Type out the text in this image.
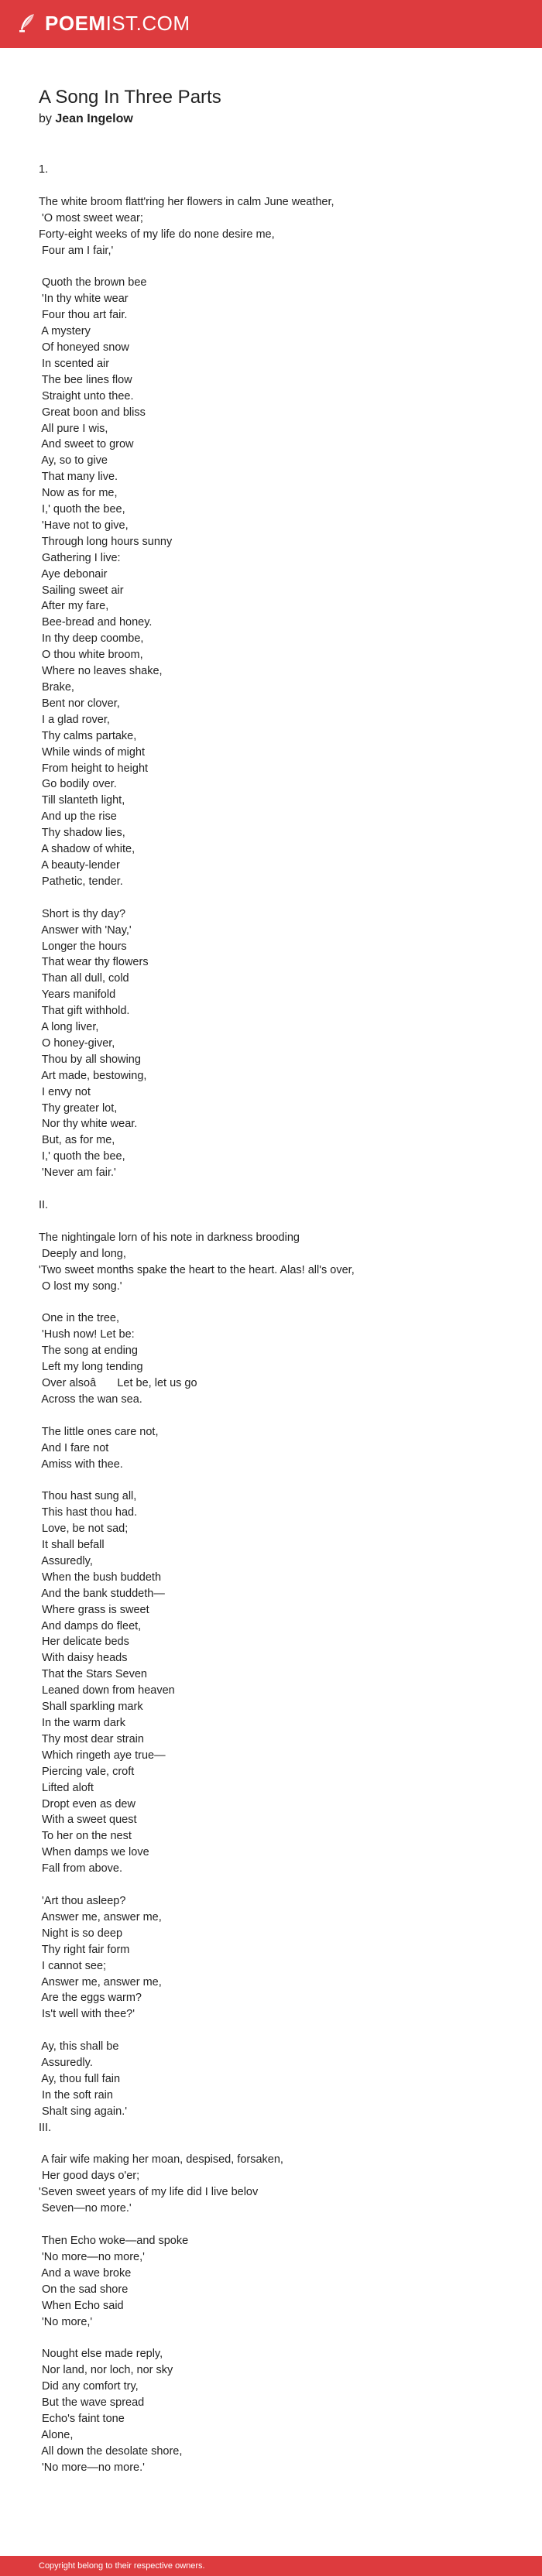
POEMIST.COM
A Song In Three Parts
by Jean Ingelow
1.

The white broom flatt'ring her flowers in calm June weather,
'O most sweet wear;
Forty-eight weeks of my life do none desire me,
Four am I fair,'

Quoth the brown bee
'In thy white wear
Four thou art fair.
A mystery
Of honeyed snow
In scented air
The bee lines flow
Straight unto thee.
Great boon and bliss
All pure I wis,
And sweet to grow
Ay, so to give
That many live.
Now as for me,
I,' quoth the bee,
'Have not to give,
Through long hours sunny
Gathering I live:
Aye debonair
Sailing sweet air
After my fare,
Bee-bread and honey.
In thy deep coombe,
O thou white broom,
Where no leaves shake,
Brake,
Bent nor clover,
I a glad rover,
Thy calms partake,
While winds of might
From height to height
Go bodily over.
Till slanteth light,
And up the rise
Thy shadow lies,
A shadow of white,
A beauty-lender
Pathetic, tender.

Short is thy day?
Answer with 'Nay,'
Longer the hours
That wear thy flowers
Than all dull, cold
Years manifold
That gift withhold.
A long liver,
O honey-giver,
Thou by all showing
Art made, bestowing,
I envy not
Thy greater lot,
Nor thy white wear.
But, as for me,
I,' quoth the bee,
'Never am fair.'

II.

The nightingale lorn of his note in darkness brooding
Deeply and long,
'Two sweet months spake the heart to the heart. Alas! all's over,
O lost my song.'

One in the tree,
'Hush now! Let be:
The song at ending
Left my long tending
Over alsoâ Let be, let us go
Across the wan sea.

The little ones care not,
And I fare not
Amiss with thee.

Thou hast sung all,
This hast thou had.
Love, be not sad;
It shall befall
Assuredly,
When the bush buddeth
And the bank studdeth—
Where grass is sweet
And damps do fleet,
Her delicate beds
With daisy heads
That the Stars Seven
Leaned down from heaven
Shall sparkling mark
In the warm dark
Thy most dear strain
Which ringeth aye true—
Piercing vale, croft
Lifted aloft
Dropt even as dew
With a sweet quest
To her on the nest
When damps we love
Fall from above.

'Art thou asleep?
Answer me, answer me,
Night is so deep
Thy right fair form
I cannot see;
Answer me, answer me,
Are the eggs warm?
Is't well with thee?'

Ay, this shall be
Assuredly.
Ay, thou full fain
In the soft rain
Shalt sing again.'
III.

A fair wife making her moan, despised, forsaken,
Her good days o'er;
'Seven sweet years of my life did I live belov
Seven—no more.'

Then Echo woke—and spoke
'No more—no more,'
And a wave broke
On the sad shore
When Echo said
'No more,'

Nought else made reply,
Nor land, nor loch, nor sky
Did any comfort try,
But the wave spread
Echo's faint tone
Alone,
All down the desolate shore,
'No more—no more.'
Copyright belong to their respective owners.
